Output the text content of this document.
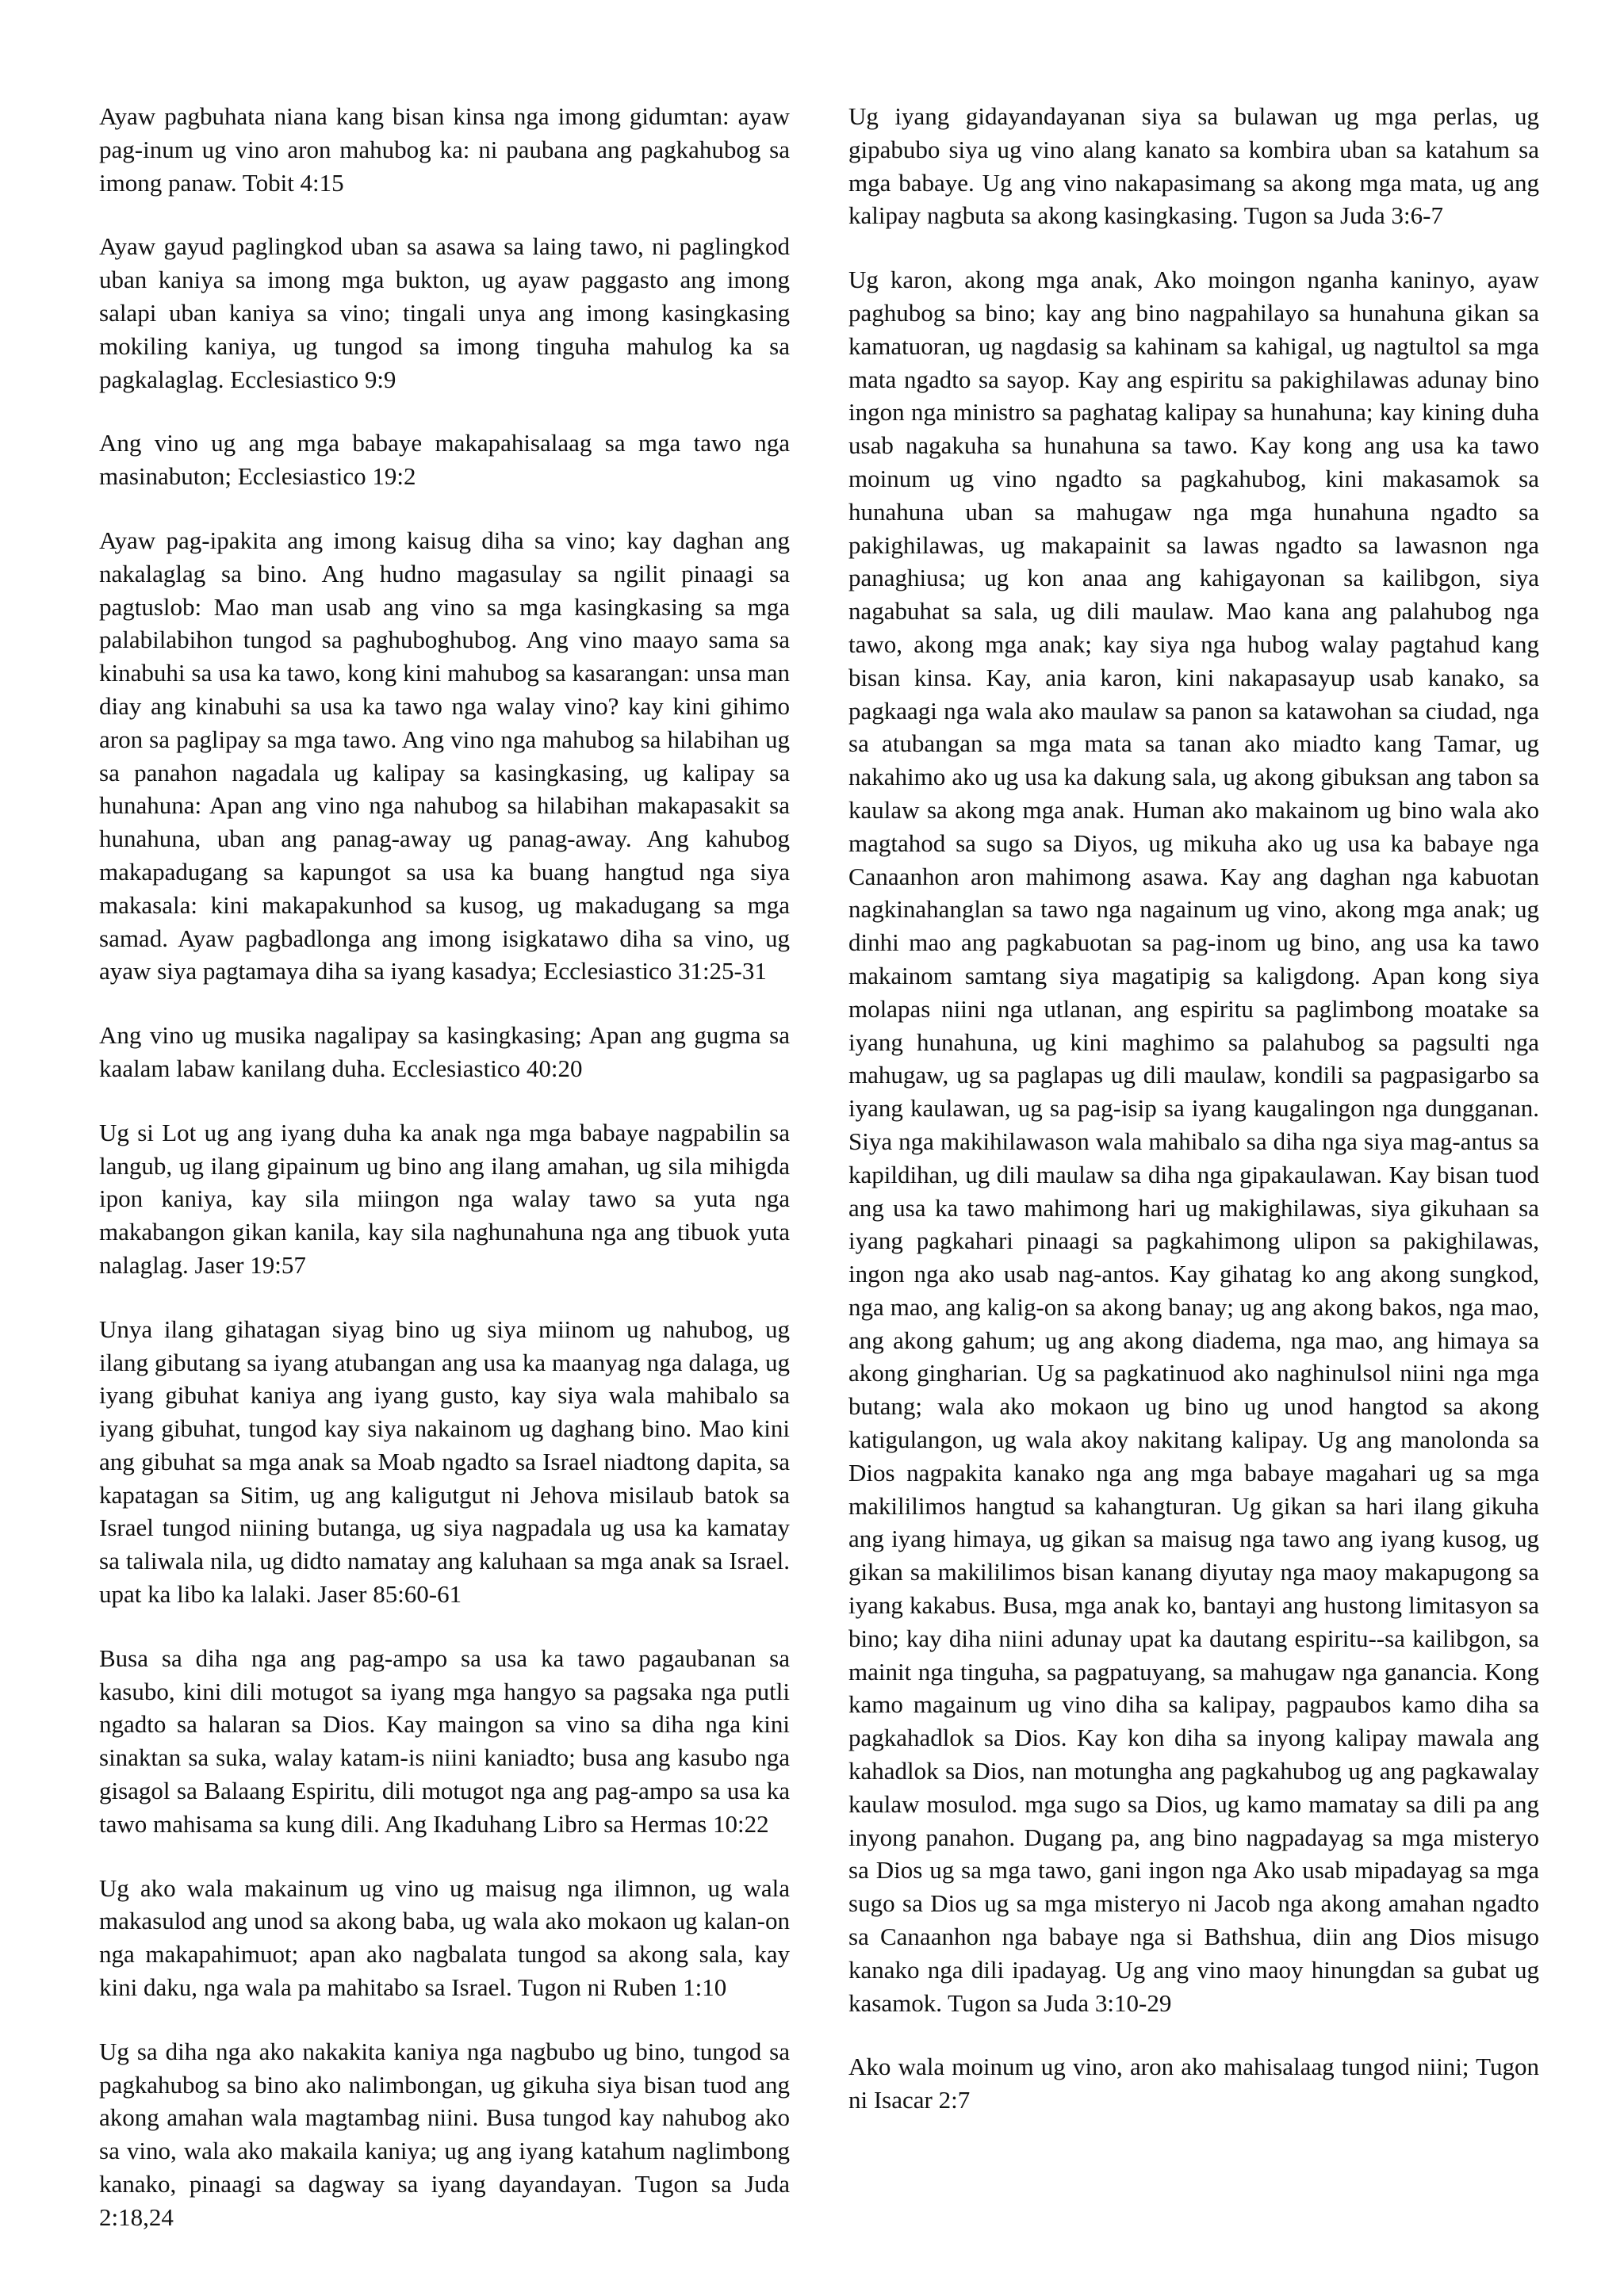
Ayaw pagbuhata niana kang bisan kinsa nga imong gidumtan: ayaw pag-inum ug vino aron mahubog ka: ni paubana ang pagkahubog sa imong panaw. Tobit 4:15

Ayaw gayud paglingkod uban sa asawa sa laing tawo, ni paglingkod uban kaniya sa imong mga bukton, ug ayaw paggasto ang imong salapi uban kaniya sa vino; tingali unya ang imong kasingkasing mokiling kaniya, ug tungod sa imong tinguha mahulog ka sa pagkalaglag. Ecclesiastico 9:9

Ang vino ug ang mga babaye makapahisalaag sa mga tawo nga masinabuton; Ecclesiastico 19:2

Ayaw pag-ipakita ang imong kaisug diha sa vino; kay daghan ang nakalaglag sa bino. Ang hudno magasulay sa ngilit pinaagi sa pagtuslob: Mao man usab ang vino sa mga kasingkasing sa mga palabilabihon tungod sa paghuboghubog. Ang vino maayo sama sa kinabuhi sa usa ka tawo, kong kini mahubog sa kasarangan: unsa man diay ang kinabuhi sa usa ka tawo nga walay vino? kay kini gihimo aron sa paglipay sa mga tawo. Ang vino nga mahubog sa hilabihan ug sa panahon nagadala ug kalipay sa kasingkasing, ug kalipay sa hunahuna: Apan ang vino nga nahubog sa hilabihan makapasakit sa hunahuna, uban ang panag-away ug panag-away. Ang kahubog makapadugang sa kapungot sa usa ka buang hangtud nga siya makasala: kini makapakunhod sa kusog, ug makadugang sa mga samad. Ayaw pagbadlonga ang imong isigkatawo diha sa vino, ug ayaw siya pagtamaya diha sa iyang kasadya; Ecclesiastico 31:25-31

Ang vino ug musika nagalipay sa kasingkasing; Apan ang gugma sa kaalam labaw kanilang duha. Ecclesiastico 40:20

Ug si Lot ug ang iyang duha ka anak nga mga babaye nagpabilin sa langub, ug ilang gipainum ug bino ang ilang amahan, ug sila mihigda ipon kaniya, kay sila miingon nga walay tawo sa yuta nga makabangon gikan kanila, kay sila naghunahuna nga ang tibuok yuta nalaglag. Jaser 19:57

Unya ilang gihatagan siyag bino ug siya miinom ug nahubog, ug ilang gibutang sa iyang atubangan ang usa ka maanyag nga dalaga, ug iyang gibuhat kaniya ang iyang gusto, kay siya wala mahibalo sa iyang gibuhat, tungod kay siya nakainom ug daghang bino. Mao kini ang gibuhat sa mga anak sa Moab ngadto sa Israel niadtong dapita, sa kapatagan sa Sitim, ug ang kaligutgut ni Jehova misilaub batok sa Israel tungod niining butanga, ug siya nagpadala ug usa ka kamatay sa taliwala nila, ug didto namatay ang kaluhaan sa mga anak sa Israel. upat ka libo ka lalaki. Jaser 85:60-61

Busa sa diha nga ang pag-ampo sa usa ka tawo pagaubanan sa kasubo, kini dili motugot sa iyang mga hangyo sa pagsaka nga putli ngadto sa halaran sa Dios. Kay maingon sa vino sa diha nga kini sinaktan sa suka, walay katam-is niini kaniadto; busa ang kasubo nga gisagol sa Balaang Espiritu, dili motugot nga ang pag-ampo sa usa ka tawo mahisama sa kung dili. Ang Ikaduhang Libro sa Hermas 10:22

Ug ako wala makainum ug vino ug maisug nga ilimnon, ug wala makasulod ang unod sa akong baba, ug wala ako mokaon ug kalan-on nga makapahimuot; apan ako nagbalata tungod sa akong sala, kay kini daku, nga wala pa mahitabo sa Israel. Tugon ni Ruben 1:10

Ug sa diha nga ako nakakita kaniya nga nagbubo ug bino, tungod sa pagkahubog sa bino ako nalimbongan, ug gikuha siya bisan tuod ang akong amahan wala magtambag niini. Busa tungod kay nahubog ako sa vino, wala ako makaila kaniya; ug ang iyang katahum naglimbong kanako, pinaagi sa dagway sa iyang dayandayan. Tugon sa Juda 2:18,24

Ug iyang gidayandayanan siya sa bulawan ug mga perlas, ug gipabubo siya ug vino alang kanato sa kombira uban sa katahum sa mga babaye. Ug ang vino nakapasimang sa akong mga mata, ug ang kalipay nagbuta sa akong kasingkasing. Tugon sa Juda 3:6-7

Ug karon, akong mga anak, Ako moingon nganha kaninyo, ayaw paghubog sa bino; kay ang bino nagpahilayo sa hunahuna gikan sa kamatuoran, ug nagdasig sa kahinam sa kahigal, ug nagtultol sa mga mata ngadto sa sayop. Kay ang espiritu sa pakighilawas adunay bino ingon nga ministro sa paghatag kalipay sa hunahuna; kay kining duha usab nagakuha sa hunahuna sa tawo. Kay kong ang usa ka tawo moinum ug vino ngadto sa pagkahubog, kini makasamok sa hunahuna uban sa mahugaw nga mga hunahuna ngadto sa pakighilawas, ug makapainit sa lawas ngadto sa lawasnon nga panaghiusa; ug kon anaa ang kahigayonan sa kailibgon, siya nagabuhat sa sala, ug dili maulaw. Mao kana ang palahubog nga tawo, akong mga anak; kay siya nga hubog walay pagtahud kang bisan kinsa. Kay, ania karon, kini nakapasayup usab kanako, sa pagkaagi nga wala ako maulaw sa panon sa katawohan sa ciudad, nga sa atubangan sa mga mata sa tanan ako miadto kang Tamar, ug nakahimo ako ug usa ka dakung sala, ug akong gibuksan ang tabon sa kaulaw sa akong mga anak. Human ako makainom ug bino wala ako magtahod sa sugo sa Diyos, ug mikuha ako ug usa ka babaye nga Canaanhon aron mahimong asawa. Kay ang daghan nga kabuotan nagkinahanglan sa tawo nga nagainum ug vino, akong mga anak; ug dinhi mao ang pagkabuotan sa pag-inom ug bino, ang usa ka tawo makainom samtang siya magatipig sa kaligdong. Apan kong siya molapas niini nga utlanan, ang espiritu sa paglimbong moatake sa iyang hunahuna, ug kini maghimo sa palahubog sa pagsulti nga mahugaw, ug sa paglapas ug dili maulaw, kondili sa pagpasigarbo sa iyang kaulawan, ug sa pag-isip sa iyang kaugalingon nga dungganan. Siya nga makihilawason wala mahibalo sa diha nga siya mag-antus sa kapildihan, ug dili maulaw sa diha nga gipakaulawan. Kay bisan tuod ang usa ka tawo mahimong hari ug makighilawas, siya gikuhaan sa iyang pagkahari pinaagi sa pagkahimong ulipon sa pakighilawas, ingon nga ako usab nag-antos. Kay gihatag ko ang akong sungkod, nga mao, ang kalig-on sa akong banay; ug ang akong bakos, nga mao, ang akong gahum; ug ang akong diadema, nga mao, ang himaya sa akong gingharian. Ug sa pagkatinuod ako naghinulsol niini nga mga butang; wala ako mokaon ug bino ug unod hangtod sa akong katigulangon, ug wala akoy nakitang kalipay. Ug ang manolonda sa Dios nagpakita kanako nga ang mga babaye magahari ug sa mga makililimos hangtud sa kahangturan. Ug gikan sa hari ilang gikuha ang iyang himaya, ug gikan sa maisug nga tawo ang iyang kusog, ug gikan sa makililimos bisan kanang diyutay nga maoy makapugong sa iyang kakabus. Busa, mga anak ko, bantayi ang hustong limitasyon sa bino; kay diha niini adunay upat ka dautang espiritu--sa kailibgon, sa mainit nga tinguha, sa pagpatuyang, sa mahugaw nga ganancia. Kong kamo magainum ug vino diha sa kalipay, pagpaubos kamo diha sa pagkahadlok sa Dios. Kay kon diha sa inyong kalipay mawala ang kahadlok sa Dios, nan motungha ang pagkahubog ug ang pagkawalay kaulaw mosulod. mga sugo sa Dios, ug kamo mamatay sa dili pa ang inyong panahon. Dugang pa, ang bino nagpadayag sa mga misteryo sa Dios ug sa mga tawo, gani ingon nga Ako usab mipadayag sa mga sugo sa Dios ug sa mga misteryo ni Jacob nga akong amahan ngadto sa Canaanhon nga babaye nga si Bathshua, diin ang Dios misugo kanako nga dili ipadayag. Ug ang vino maoy hinungdan sa gubat ug kasamok. Tugon sa Juda 3:10-29

Ako wala moinum ug vino, aron ako mahisalaag tungod niini; Tugon ni Isacar 2:7
